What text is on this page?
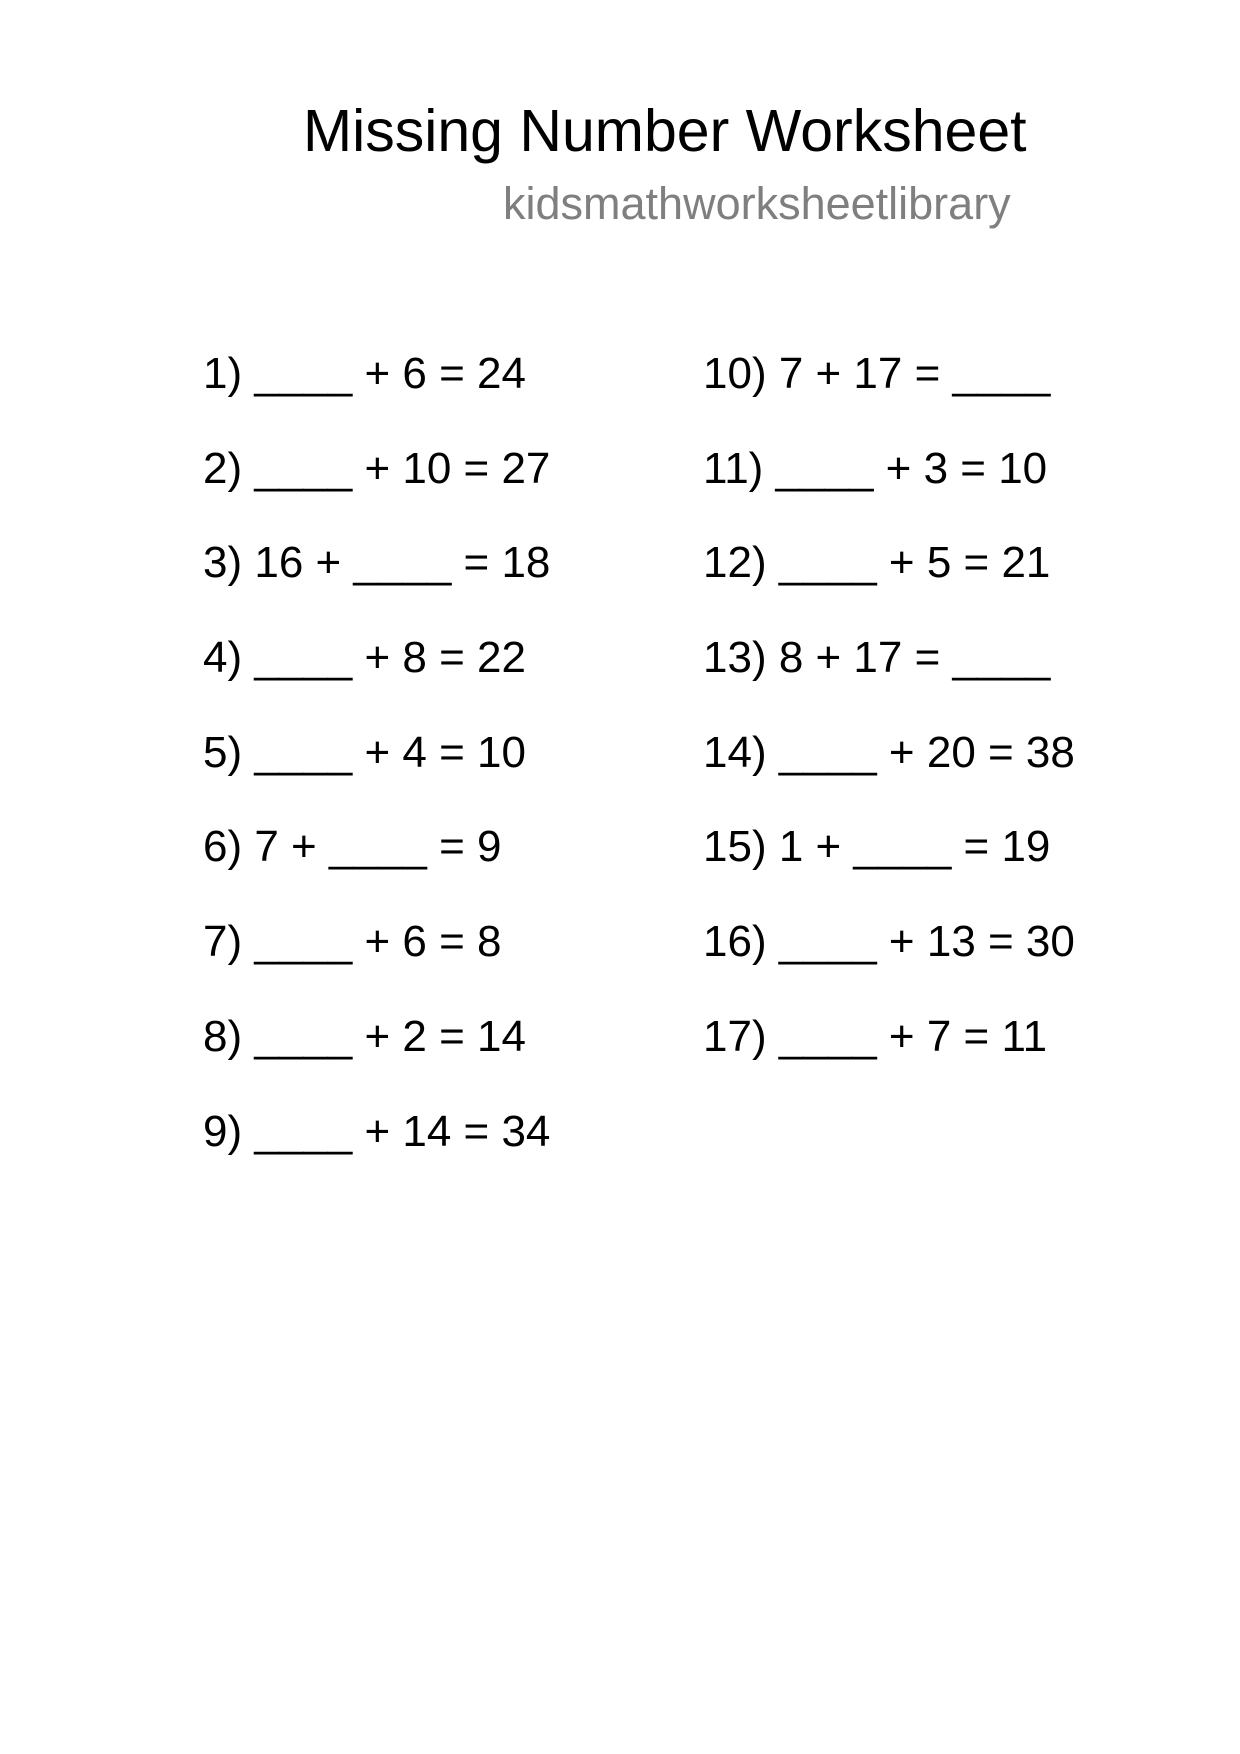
Missing Number Worksheet
kidsmathworksheetlibrary
1) ____ + 6 = 24
2) ____ + 10 = 27
3) 16 + ____ = 18
4) ____ + 8 = 22
5) ____ + 4 = 10
6) 7 + ____ = 9
7) ____ + 6 = 8
8) ____ + 2 = 14
9) ____ + 14 = 34
10) 7 + 17 = ____
11) ____ + 3 = 10
12) ____ + 5 = 21
13) 8 + 17 = ____
14) ____ + 20 = 38
15) 1 + ____ = 19
16) ____ + 13 = 30
17) ____ + 7 = 11
